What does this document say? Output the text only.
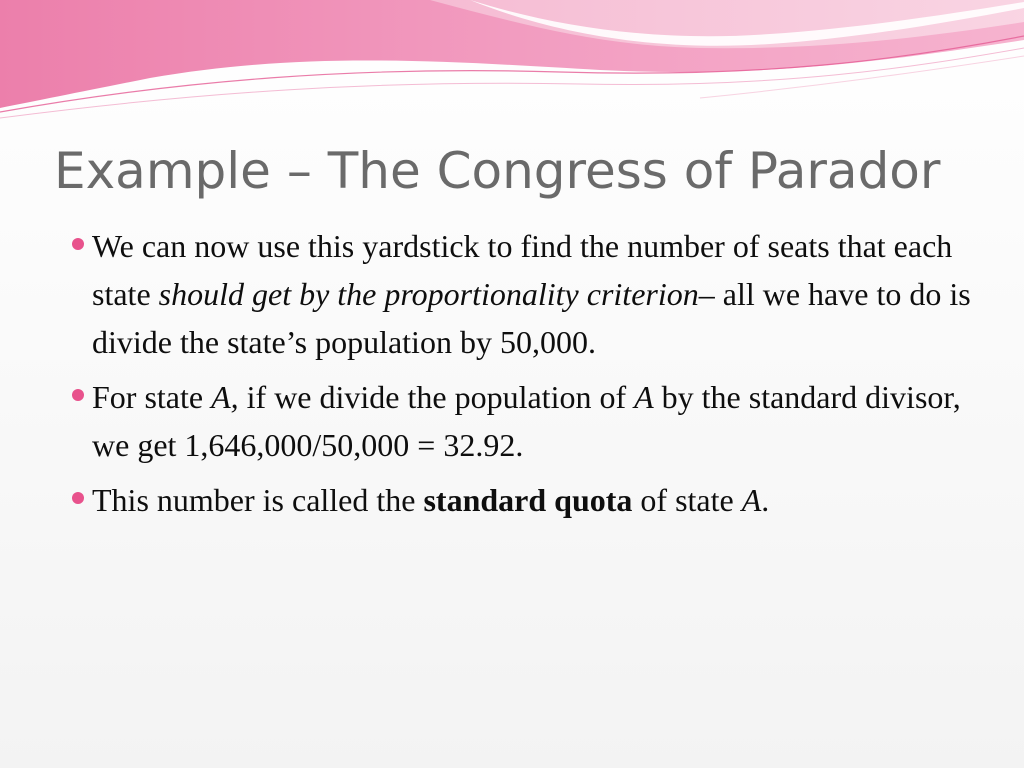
Example – The Congress of Parador
We can now use this yardstick to find the number of seats that each state should get by the proportionality criterion– all we have to do is divide the state’s population by 50,000.
For state A, if we divide the population of A by the standard divisor, we get 1,646,000/50,000 = 32.92.
This number is called the standard quota of state A.
